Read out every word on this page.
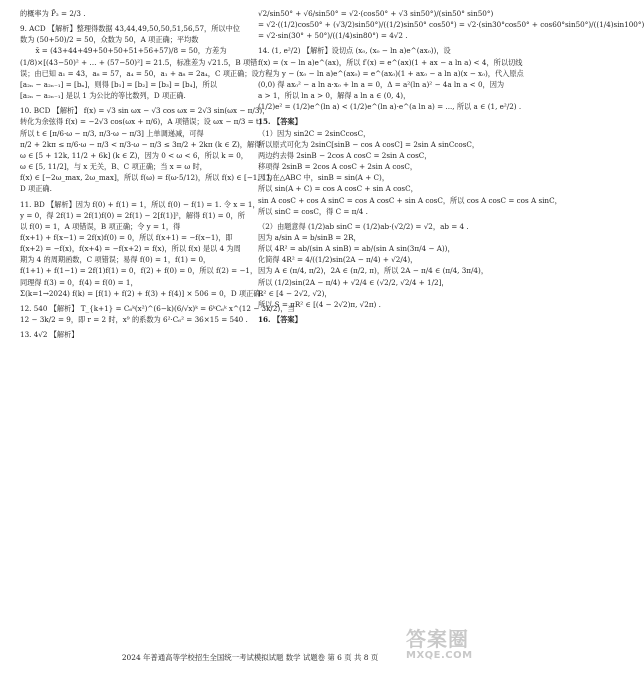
的概率为 P̄₂ = 2/3 .
9. ACD 【解析】整理得数据 43,44,49,50,50,51,56,57，所以中位
数为 (50+50)/2 = 50，众数为 50，A 项正确；平均数
x̄ = (43+44+49+50+50+51+56+57)/8 = 50，方差为
(1/8)×[(43−50)² + … + (57−50)²] = 21.5，标准差为 √21.5，B 项错
误；由已知 a₁ = 43，a₈ = 57，a₄ = 50，a₁ + a₈ = 2a₄，C 项正确；设
[a₂ₙ − a₂ₙ₋₁] = [bₙ]，则得 [b₁] = [b₂] = [b₃] = [b₄]，所以
[a₂ₙ − a₂ₙ₋₁] 是以 1 为公比的等比数列，D 项正确.
10. BCD 【解析】 f(x) = √3 sin ωx − √3 cos ωx = 2√3 sin(ωx − π/3)，
转化为余弦得 f(x) = −2√3 cos(ωx + π/6)，A 项错误；设 ωx − π/3 = t，
所以 t ∈ [π/6·ω − π/3, π/3·ω − π/3] 上单调递减，可得
π/2 + 2kπ ≤ π/6·ω − π/3 < π/3·ω − π/3 ≤ 3π/2 + 2kπ (k ∈ Z)，解得
ω ∈ [5 + 12k, 11/2 + 6k] (k ∈ Z)，因为 0 < ω < 6，所以 k = 0，
ω ∈ [5, 11/2]，与 x 无关，B、C 项正确；当 x = ω 时，
f(x) ∈ [−2ω_max, 2ω_max]，所以 f(ω) = f(ω·5/12)，所以 f(x) ∈ [−1, 1]，
D 项正确.
11. BD 【解析】因为 f(0) + f(1) = 1，所以 f(0) − f(1) = 1. 令 x = 1，
y = 0，得 2f(1) = 2f(1)f(0) = 2f(1) − 2[f(1)]²，解得 f(1) = 0，所
以 f(0) = 1，A 项错误，B 项正确；令 y = 1，得
f(x+1) + f(x−1) = 2f(x)f(0) = 0，所以 f(x+1) = −f(x−1)，即
f(x+2) = −f(x)，f(x+4) = −f(x+2) = f(x)，所以 f(x) 是以 4 为周
期为 4 的周期函数，C 项错误；易得 f(0) = 1，f(1) = 0，
f(1+1) + f(1−1) = 2f(1)f(1) = 0，f(2) + f(0) = 0，所以 f(2) = −1，
同理得 f(3) = 0，f(4) = f(0) = 1，
Σ(k=1→2024) f(k) = [f(1) + f(2) + f(3) + f(4)] × 506 = 0，D 项正确.
12. 540 【解析】 T_{k+1} = C₆ᵏ(x²)^(6−k)(6/√x)ᵏ = 6ᵏC₆ᵏ x^(12 − 3k/2)，当
12 − 3k/2 = 9，即 r = 2 时，x⁹ 的系数为 6²·C₆² = 36×15 = 540 .
13. 4√2 【解析】
√2/sin50° + √6/sin50° = √2·(cos50° + √3 sin50°)/(sin50° sin50°)
= √2·((1/2)cos50° + (√3/2)sin50°)/((1/2)sin50° cos50°) = √2·(sin30°cos50° + cos60°sin50°)/((1/4)sin100°)
= √2·sin(30° + 50°)/((1/4)sin80°) = 4√2 .
14. (1, e²/2) 【解析】设切点 (x₀, (x₀ − ln a)e^(ax₀))，设
f(x) = (x − ln a)e^(ax)，所以 f′(x) = e^(ax)(1 + ax − a ln a) < 4，所以切线
方程为 y − (x₀ − ln a)e^(ax₀) = e^(ax₀)(1 + ax₀ − a ln a)(x − x₀)，代入原点
(0,0) 得 ax₀² − a ln a·x₀ + ln a = 0，Δ = a²(ln a)² − 4a ln a < 0，因为
a > 1，所以 ln a > 0，解得 a ln a ∈ (0, 4)，
(1/2)e² = (1/2)e^(ln a) < (1/2)e^(ln a)·e^(a ln a) = ..., 所以 a ∈ (1, e²/2) .
15. 【答案】
（1）因为 sin2C = 2sinCcosC，
所以原式可化为 2sinC[sinB − cos A cosC] = 2sin A sinCcosC，
两边约去得 2sinB − 2cos A cosC = 2sin A cosC，
移项得 2sinB = 2cos A cosC + 2sin A cosC，
因为在△ABC 中，sinB = sin(A + C)，
所以 sin(A + C) = cos A cosC + sin A cosC，
sin A cosC + cos A sinC = cos A cosC + sin A cosC，所以 cos A cosC = cos A sinC，
所以 sinC = cosC，得 C = π/4 .
（2）由题意得 (1/2)ab sinC = (1/2)ab·(√2/2) = √2，ab = 4 .
因为 a/sin A = b/sinB = 2R，
所以 4R² = ab/(sin A sinB) = ab/(sin A sin(3π/4 − A))，
化简得 4R² = 4/((1/2)sin(2A − π/4) + √2/4)，
因为 A ∈ (π/4, π/2)，2A ∈ (π/2, π)，所以 2A − π/4 ∈ (π/4, 3π/4)，
所以 (1/2)sin(2A − π/4) + √2/4 ∈ (√2/2, √2/4 + 1/2]，
R² ∈ [4 − 2√2, √2)，
所以 S = πR² ∈ [(4 − 2√2)π, √2π) .
16. 【答案】
2024 年普通高等学校招生全国统一考试模拟试题 数学 试题卷 第 6 页 共 8 页
答案圈
MXQE.COM
